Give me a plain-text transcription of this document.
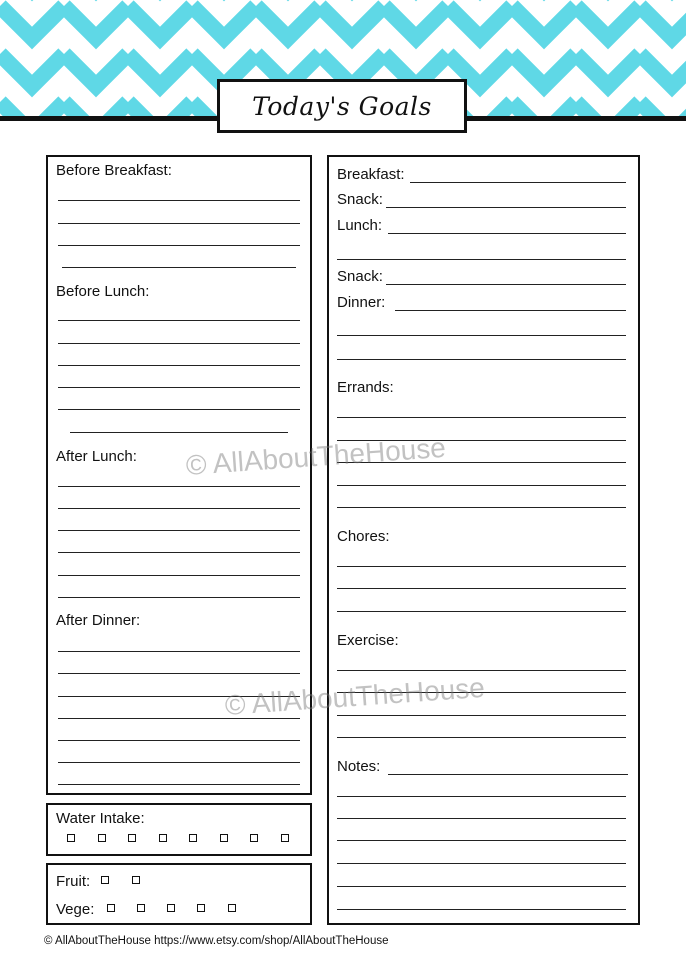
Today's Goals
Before Breakfast:
Before Lunch:
After Lunch:
After Dinner:
Water Intake:
Fruit:
Vege:
Breakfast:
Snack:
Lunch:
Snack:
Dinner:
Errands:
Chores:
Exercise:
Notes:
© AllAboutTheHouse
© AllAboutTheHouse
© AllAboutTheHouse https://www.etsy.com/shop/AllAboutTheHouse
